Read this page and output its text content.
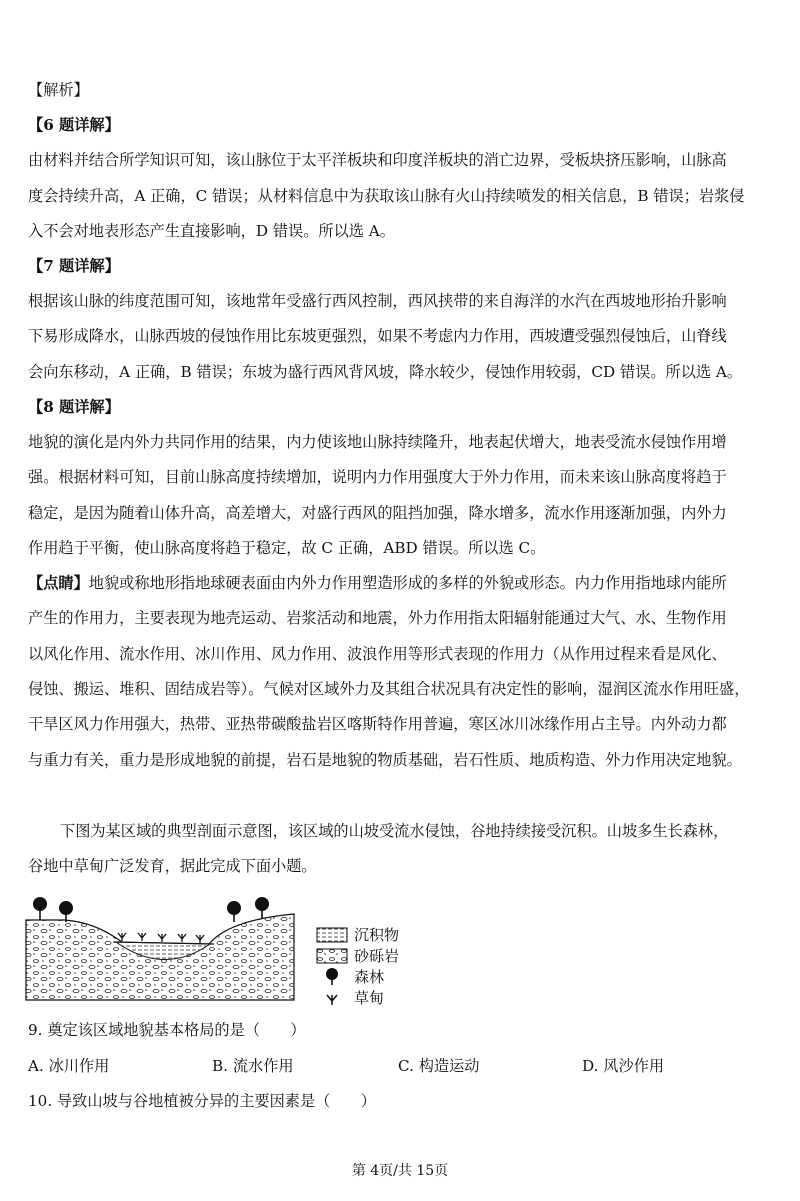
【解析】
【6 题详解】
由材料并结合所学知识可知，该山脉位于太平洋板块和印度洋板块的消亡边界，受板块挤压影响，山脉高
度会持续升高，A 正确，C 错误；从材料信息中为获取该山脉有火山持续喷发的相关信息，B 错误；岩浆侵
入不会对地表形态产生直接影响，D 错误。所以选 A。
【7 题详解】
根据该山脉的纬度范围可知，该地常年受盛行西风控制，西风挟带的来自海洋的水汽在西坡地形抬升影响
下易形成降水，山脉西坡的侵蚀作用比东坡更强烈，如果不考虑内力作用，西坡遭受强烈侵蚀后，山脊线
会向东移动，A 正确，B 错误；东坡为盛行西风背风坡，降水较少，侵蚀作用较弱，CD 错误。所以选 A。
【8 题详解】
地貌的演化是内外力共同作用的结果，内力使该地山脉持续隆升，地表起伏增大，地表受流水侵蚀作用增
强。根据材料可知，目前山脉高度持续增加，说明内力作用强度大于外力作用，而未来该山脉高度将趋于
稳定，是因为随着山体升高，高差增大，对盛行西风的阻挡加强，降水增多，流水作用逐渐加强，内外力
作用趋于平衡，使山脉高度将趋于稳定，故 C 正确，ABD 错误。所以选 C。
【点睛】地貌或称地形指地球硬表面由内外力作用塑造形成的多样的外貌或形态。内力作用指地球内能所
产生的作用力，主要表现为地壳运动、岩浆活动和地震，外力作用指太阳辐射能通过大气、水、生物作用
以风化作用、流水作用、冰川作用、风力作用、波浪作用等形式表现的作用力（从作用过程来看是风化、
侵蚀、搬运、堆积、固结成岩等）。气候对区域外力及其组合状况具有决定性的影响，湿润区流水作用旺盛，
干旱区风力作用强大，热带、亚热带碳酸盐岩区喀斯特作用普遍，寒区冰川冰缘作用占主导。内外动力都
与重力有关，重力是形成地貌的前提，岩石是地貌的物质基础，岩石性质、地质构造、外力作用决定地貌。
下图为某区域的典型剖面示意图，该区域的山坡受流水侵蚀，谷地持续接受沉积。山坡多生长森林，
谷地中草甸广泛发育，据此完成下面小题。
沉积物
砂砾岩
森林
草甸
9. 奠定该区域地貌基本格局的是（　　）
A. 冰川作用	B. 流水作用	C. 构造运动	D. 风沙作用
10. 导致山坡与谷地植被分异的主要因素是（　　）
第 4页/共 15页
